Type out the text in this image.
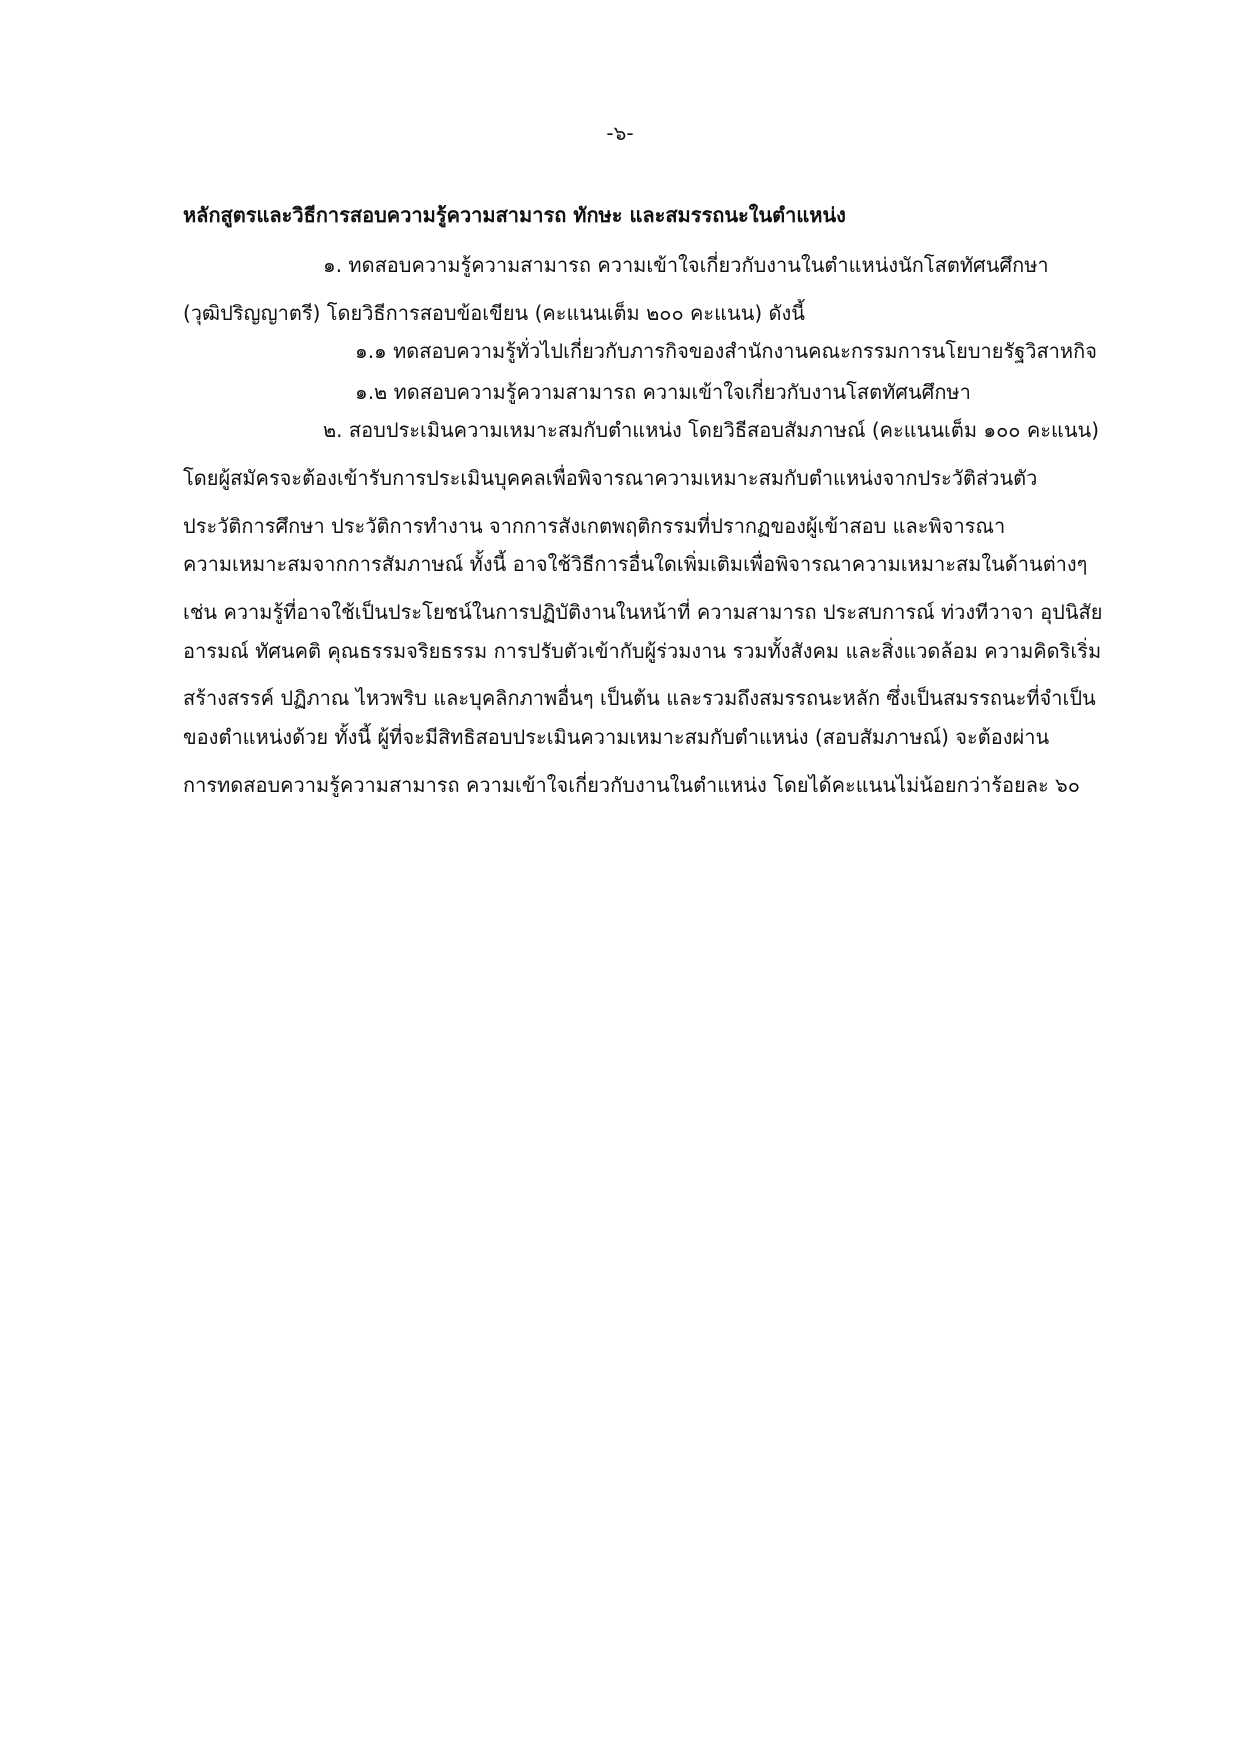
-๖-
หลักสูตรและวิธีการสอบความรู้ความสามารถ ทักษะ และสมรรถนะในตำแหน่ง
๑. ทดสอบความรู้ความสามารถ ความเข้าใจเกี่ยวกับงานในตำแหน่งนักโสตทัศนศึกษา
(วุฒิปริญญาตรี) โดยวิธีการสอบข้อเขียน (คะแนนเต็ม ๒๐๐ คะแนน) ดังนี้
๑.๑ ทดสอบความรู้ทั่วไปเกี่ยวกับภารกิจของสำนักงานคณะกรรมการนโยบายรัฐวิสาหกิจ
๑.๒ ทดสอบความรู้ความสามารถ ความเข้าใจเกี่ยวกับงานโสตทัศนศึกษา
๒. สอบประเมินความเหมาะสมกับตำแหน่ง โดยวิธีสอบสัมภาษณ์ (คะแนนเต็ม ๑๐๐ คะแนน)
โดยผู้สมัครจะต้องเข้ารับการประเมินบุคคลเพื่อพิจารณาความเหมาะสมกับตำแหน่งจากประวัติส่วนตัว
ประวัติการศึกษา ประวัติการทำงาน จากการสังเกตพฤติกรรมที่ปรากฏของผู้เข้าสอบ และพิจารณา
ความเหมาะสมจากการสัมภาษณ์ ทั้งนี้ อาจใช้วิธีการอื่นใดเพิ่มเติมเพื่อพิจารณาความเหมาะสมในด้านต่างๆ
เช่น ความรู้ที่อาจใช้เป็นประโยชน์ในการปฏิบัติงานในหน้าที่ ความสามารถ ประสบการณ์ ท่วงทีวาจา อุปนิสัย
อารมณ์ ทัศนคติ คุณธรรมจริยธรรม การปรับตัวเข้ากับผู้ร่วมงาน รวมทั้งสังคม และสิ่งแวดล้อม ความคิดริเริ่ม
สร้างสรรค์ ปฏิภาณ ไหวพริบ และบุคลิกภาพอื่นๆ เป็นต้น และรวมถึงสมรรถนะหลัก ซึ่งเป็นสมรรถนะที่จำเป็น
ของตำแหน่งด้วย ทั้งนี้ ผู้ที่จะมีสิทธิสอบประเมินความเหมาะสมกับตำแหน่ง (สอบสัมภาษณ์) จะต้องผ่าน
การทดสอบความรู้ความสามารถ ความเข้าใจเกี่ยวกับงานในตำแหน่ง โดยได้คะแนนไม่น้อยกว่าร้อยละ ๖๐
